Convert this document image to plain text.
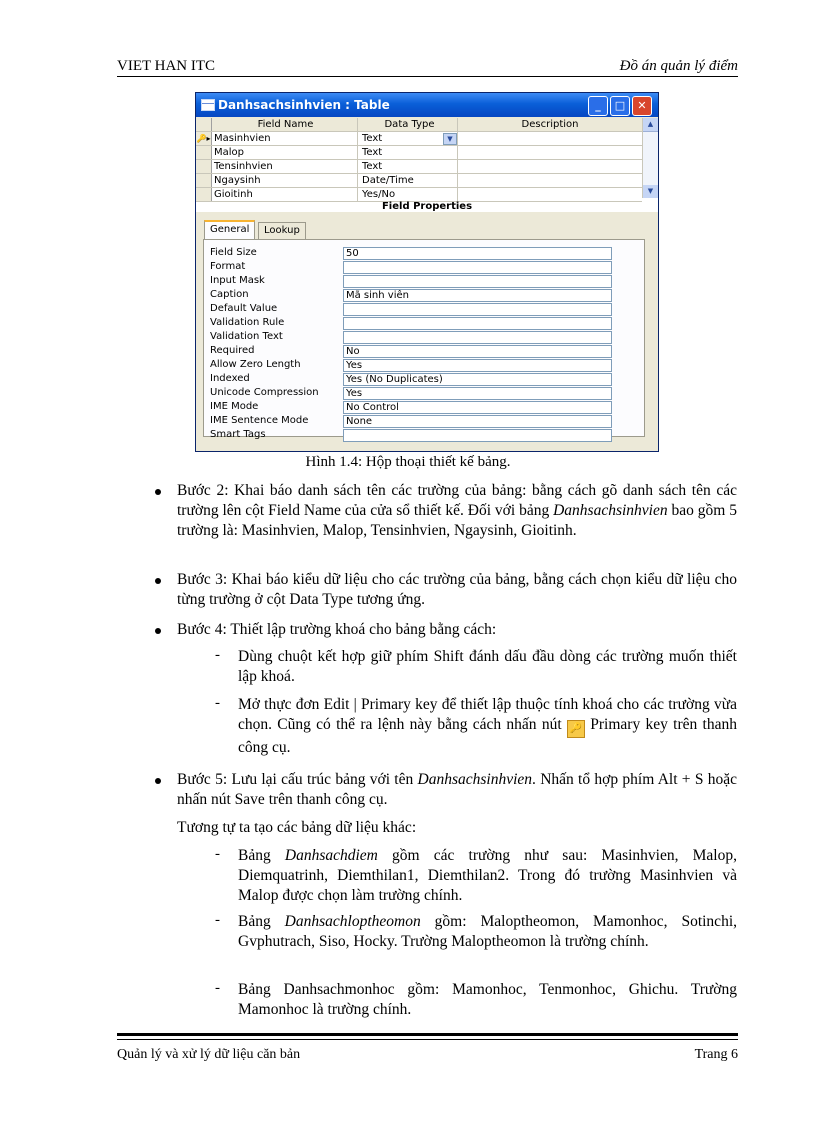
VIET HAN ITC	Đồ án quản lý điểm
Danhsachsinhvien : Table	_	□	✕
Field Name	Data Type	Description
🔑▸ Masinhvien	Text	▼
Malop	Text
Tensinhvien	Text
Ngaysinh	Date/Time
Gioitinh	Yes/No
▲
▼
Field Properties
General	Lookup
Field Size	50
Format
Input Mask
Caption	Mã sinh viên
Default Value
Validation Rule
Validation Text
Required	No
Allow Zero Length	Yes
Indexed	Yes (No Duplicates)
Unicode Compression	Yes
IME Mode	No Control
IME Sentence Mode	None
Smart Tags
Hình 1.4: Hộp thoại thiết kế bảng.
Bước 2: Khai báo danh sách tên các trường của bảng: bằng cách gõ danh sách tên các trường lên cột Field Name của cửa sổ thiết kế. Đối với bảng Danhsachsinhvien bao gồm 5 trường là: Masinhvien, Malop, Tensinhvien, Ngaysinh, Gioitinh.
Bước 3: Khai báo kiểu dữ liệu cho các trường của bảng, bằng cách chọn kiểu dữ liệu cho từng trường ở cột Data Type tương ứng.
Bước 4: Thiết lập trường khoá cho bảng bằng cách:
- Dùng chuột kết hợp giữ phím Shift đánh dấu đầu dòng các trường muốn thiết lập khoá.
- Mở thực đơn Edit | Primary key để thiết lập thuộc tính khoá cho các trường vừa chọn. Cũng có thể ra lệnh này bằng cách nhấn nút 🔑 Primary key trên thanh công cụ.
Bước 5: Lưu lại cấu trúc bảng với tên Danhsachsinhvien. Nhấn tổ hợp phím Alt + S hoặc nhấn nút Save trên thanh công cụ.
Tương tự ta tạo các bảng dữ liệu khác:
- Bảng Danhsachdiem gồm các trường như sau: Masinhvien, Malop, Diemquatrinh, Diemthilan1, Diemthilan2. Trong đó trường Masinhvien và Malop được chọn làm trường chính.
- Bảng Danhsachloptheomon gồm: Maloptheomon, Mamonhoc, Sotinchi, Gvphutrach, Siso, Hocky. Trường Maloptheomon là trường chính.
- Bảng Danhsachmonhoc gồm: Mamonhoc, Tenmonhoc, Ghichu. Trường Mamonhoc là trường chính.
Quản lý và xử lý dữ liệu căn bản	Trang 6
